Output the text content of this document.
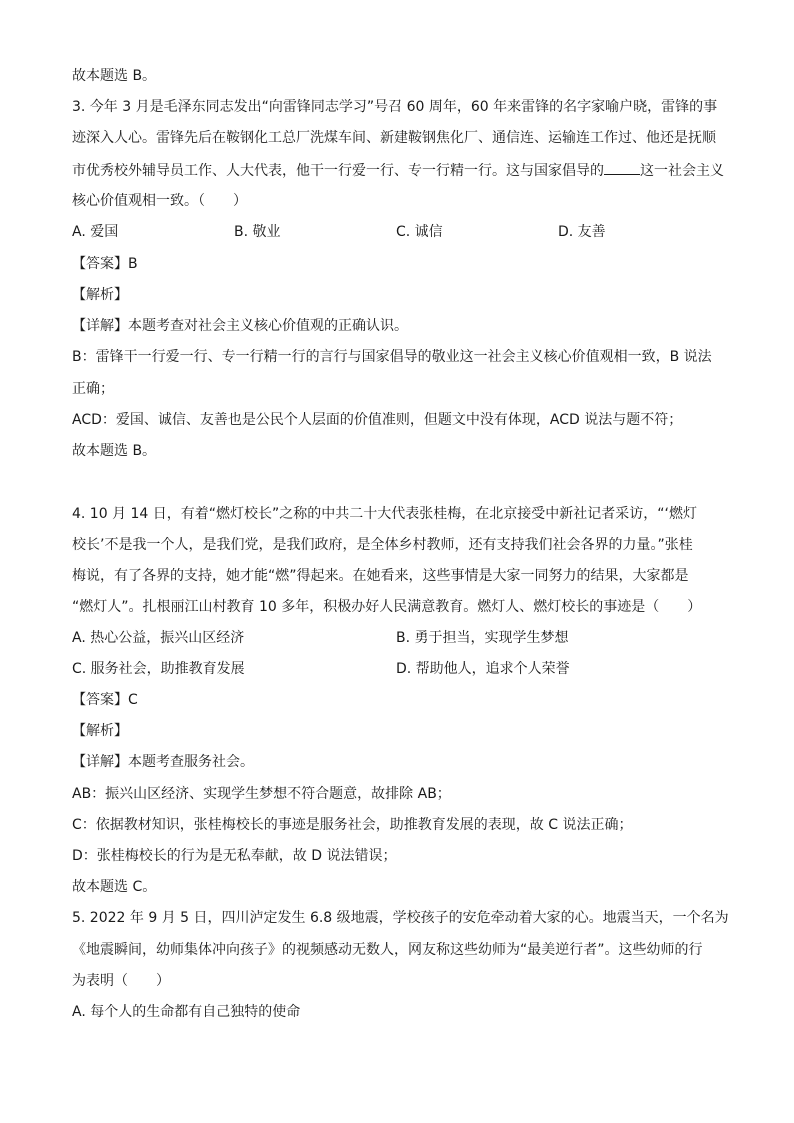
故本题选 B。
3. 今年 3 月是毛泽东同志发出“向雷锋同志学习”号召 60 周年，60 年来雷锋的名字家喻户晓，雷锋的事
迹深入人心。雷锋先后在鞍钢化工总厂洗煤车间、新建鞍钢焦化厂、通信连、运输连工作过、他还是抚顺
市优秀校外辅导员工作、人大代表，他干一行爱一行、专一行精一行。这与国家倡导的	这一社会主义
核心价值观相一致。（　　）
A. 爱国	B. 敬业	C. 诚信	D. 友善
【答案】B
【解析】
【详解】本题考查对社会主义核心价值观的正确认识。
B：雷锋干一行爱一行、专一行精一行的言行与国家倡导的敬业这一社会主义核心价值观相一致，B 说法
正确；
ACD：爱国、诚信、友善也是公民个人层面的价值准则，但题文中没有体现，ACD 说法与题不符；
故本题选 B。
4. 10 月 14 日，有着“燃灯校长”之称的中共二十大代表张桂梅，在北京接受中新社记者采访，“‘燃灯
校长’不是我一个人，是我们党，是我们政府，是全体乡村教师，还有支持我们社会各界的力量。”张桂
梅说，有了各界的支持，她才能“燃”得起来。在她看来，这些事情是大家一同努力的结果，大家都是
“燃灯人”。扎根丽江山村教育 10 多年，积极办好人民满意教育。燃灯人、燃灯校长的事迹是（　　）
A. 热心公益，振兴山区经济	B. 勇于担当，实现学生梦想
C. 服务社会，助推教育发展	D. 帮助他人，追求个人荣誉
【答案】C
【解析】
【详解】本题考查服务社会。
AB：振兴山区经济、实现学生梦想不符合题意，故排除 AB；
C：依据教材知识，张桂梅校长的事迹是服务社会，助推教育发展的表现，故 C 说法正确；
D：张桂梅校长的行为是无私奉献，故 D 说法错误；
故本题选 C。
5. 2022 年 9 月 5 日，四川泸定发生 6.8 级地震，学校孩子的安危牵动着大家的心。地震当天，一个名为
《地震瞬间，幼师集体冲向孩子》的视频感动无数人，网友称这些幼师为“最美逆行者”。这些幼师的行
为表明（　　）
A. 每个人的生命都有自己独特的使命
